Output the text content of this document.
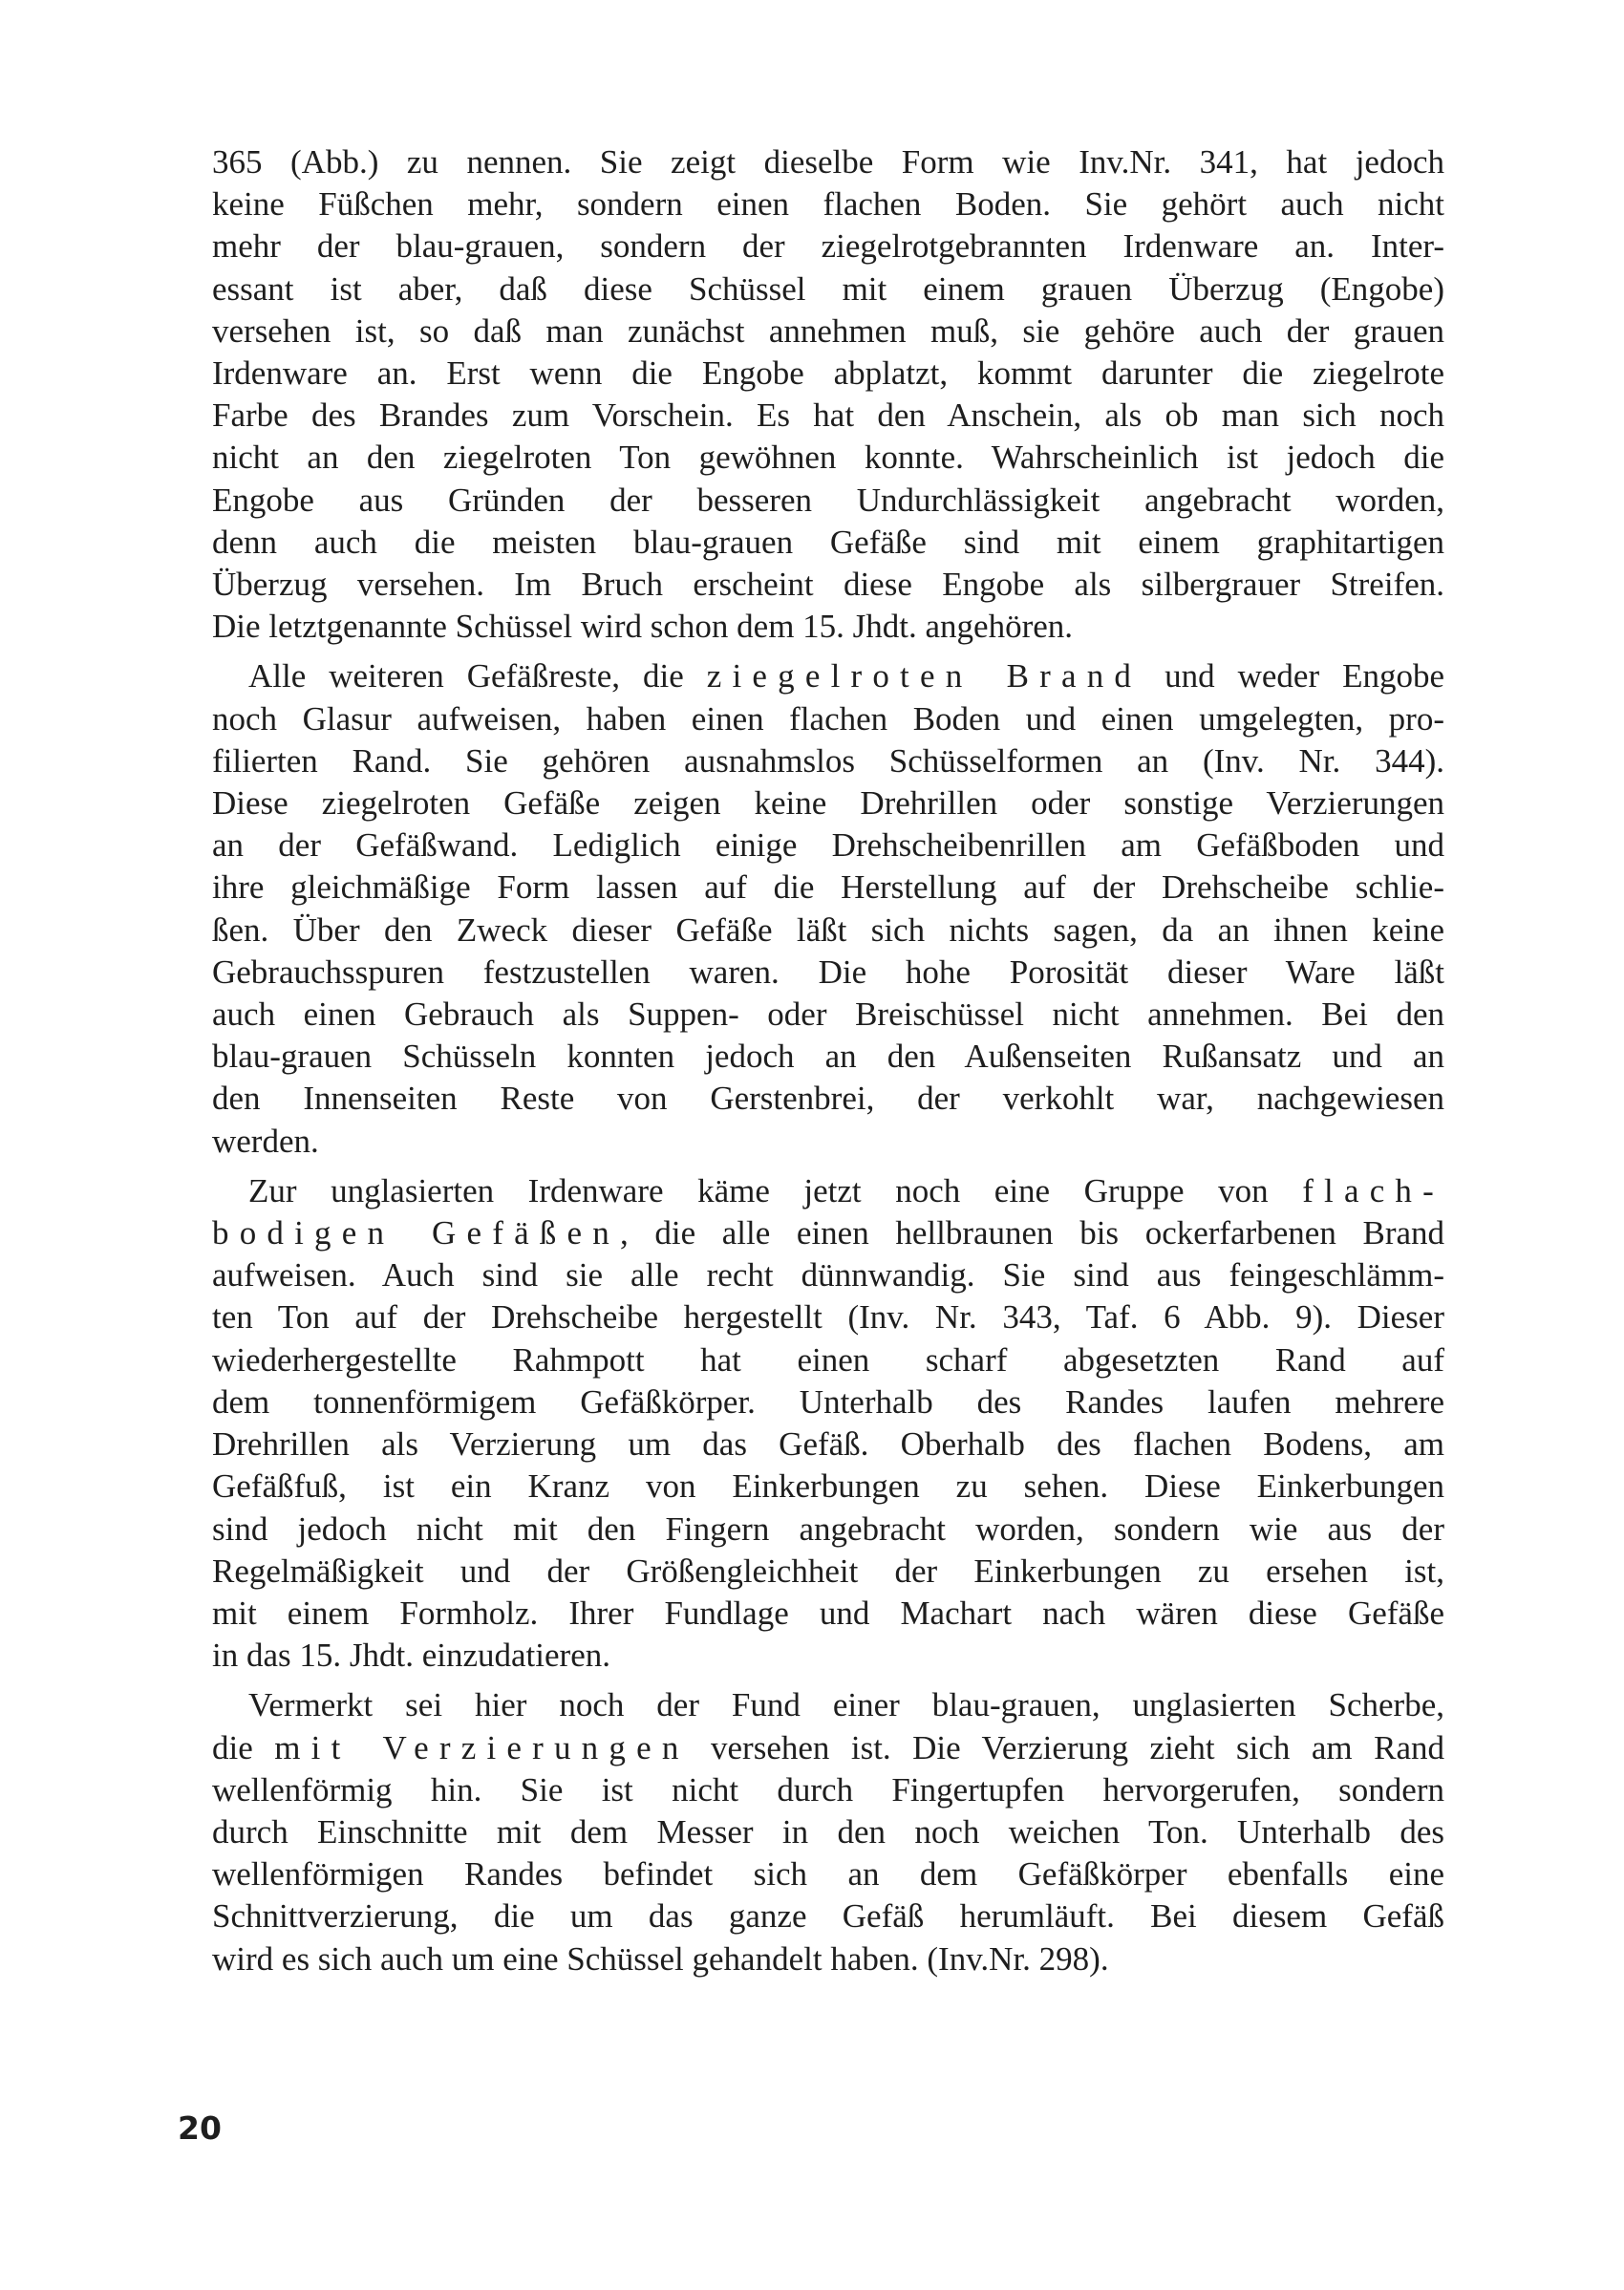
365 (Abb.) zu nennen. Sie zeigt dieselbe Form wie Inv.Nr. 341, hat jedoch
keine Füßchen mehr, sondern einen flachen Boden. Sie gehört auch nicht
mehr der blau-grauen, sondern der ziegelrotgebrannten Irdenware an. Inter-
essant ist aber, daß diese Schüssel mit einem grauen Überzug (Engobe)
versehen ist, so daß man zunächst annehmen muß, sie gehöre auch der grauen
Irdenware an. Erst wenn die Engobe abplatzt, kommt darunter die ziegelrote
Farbe des Brandes zum Vorschein. Es hat den Anschein, als ob man sich noch
nicht an den ziegelroten Ton gewöhnen konnte. Wahrscheinlich ist jedoch die
Engobe aus Gründen der besseren Undurchlässigkeit angebracht worden,
denn auch die meisten blau-grauen Gefäße sind mit einem graphitartigen
Überzug versehen. Im Bruch erscheint diese Engobe als silbergrauer Streifen.
Die letztgenannte Schüssel wird schon dem 15. Jhdt. angehören.

Alle weiteren Gefäßreste, die ziegelroten Brand und weder Engobe
noch Glasur aufweisen, haben einen flachen Boden und einen umgelegten, pro-
filierten Rand. Sie gehören ausnahmslos Schüsselformen an (Inv. Nr. 344).
Diese ziegelroten Gefäße zeigen keine Drehrillen oder sonstige Verzierungen
an der Gefäßwand. Lediglich einige Drehscheibenrillen am Gefäßboden und
ihre gleichmäßige Form lassen auf die Herstellung auf der Drehscheibe schlie-
ßen. Über den Zweck dieser Gefäße läßt sich nichts sagen, da an ihnen keine
Gebrauchsspuren festzustellen waren. Die hohe Porosität dieser Ware läßt
auch einen Gebrauch als Suppen- oder Breischüssel nicht annehmen. Bei den
blau-grauen Schüsseln konnten jedoch an den Außenseiten Rußansatz und an
den Innenseiten Reste von Gerstenbrei, der verkohlt war, nachgewiesen
werden.

Zur unglasierten Irdenware käme jetzt noch eine Gruppe von flach-
bodigen Gefäßen, die alle einen hellbraunen bis ockerfarbenen Brand
aufweisen. Auch sind sie alle recht dünnwandig. Sie sind aus feingeschlämm-
ten Ton auf der Drehscheibe hergestellt (Inv. Nr. 343, Taf. 6 Abb. 9). Dieser
wiederhergestellte Rahmpott hat einen scharf abgesetzten Rand auf
dem tonnenförmigem Gefäßkörper. Unterhalb des Randes laufen mehrere
Drehrillen als Verzierung um das Gefäß. Oberhalb des flachen Bodens, am
Gefäßfuß, ist ein Kranz von Einkerbungen zu sehen. Diese Einkerbungen
sind jedoch nicht mit den Fingern angebracht worden, sondern wie aus der
Regelmäßigkeit und der Größengleichheit der Einkerbungen zu ersehen ist,
mit einem Formholz. Ihrer Fundlage und Machart nach wären diese Gefäße
in das 15. Jhdt. einzudatieren.

Vermerkt sei hier noch der Fund einer blau-grauen, unglasierten Scherbe,
die mit Verzierungen versehen ist. Die Verzierung zieht sich am Rand
wellenförmig hin. Sie ist nicht durch Fingertupfen hervorgerufen, sondern
durch Einschnitte mit dem Messer in den noch weichen Ton. Unterhalb des
wellenförmigen Randes befindet sich an dem Gefäßkörper ebenfalls eine
Schnittverzierung, die um das ganze Gefäß herumläuft. Bei diesem Gefäß
wird es sich auch um eine Schüssel gehandelt haben. (Inv.Nr. 298).

20
